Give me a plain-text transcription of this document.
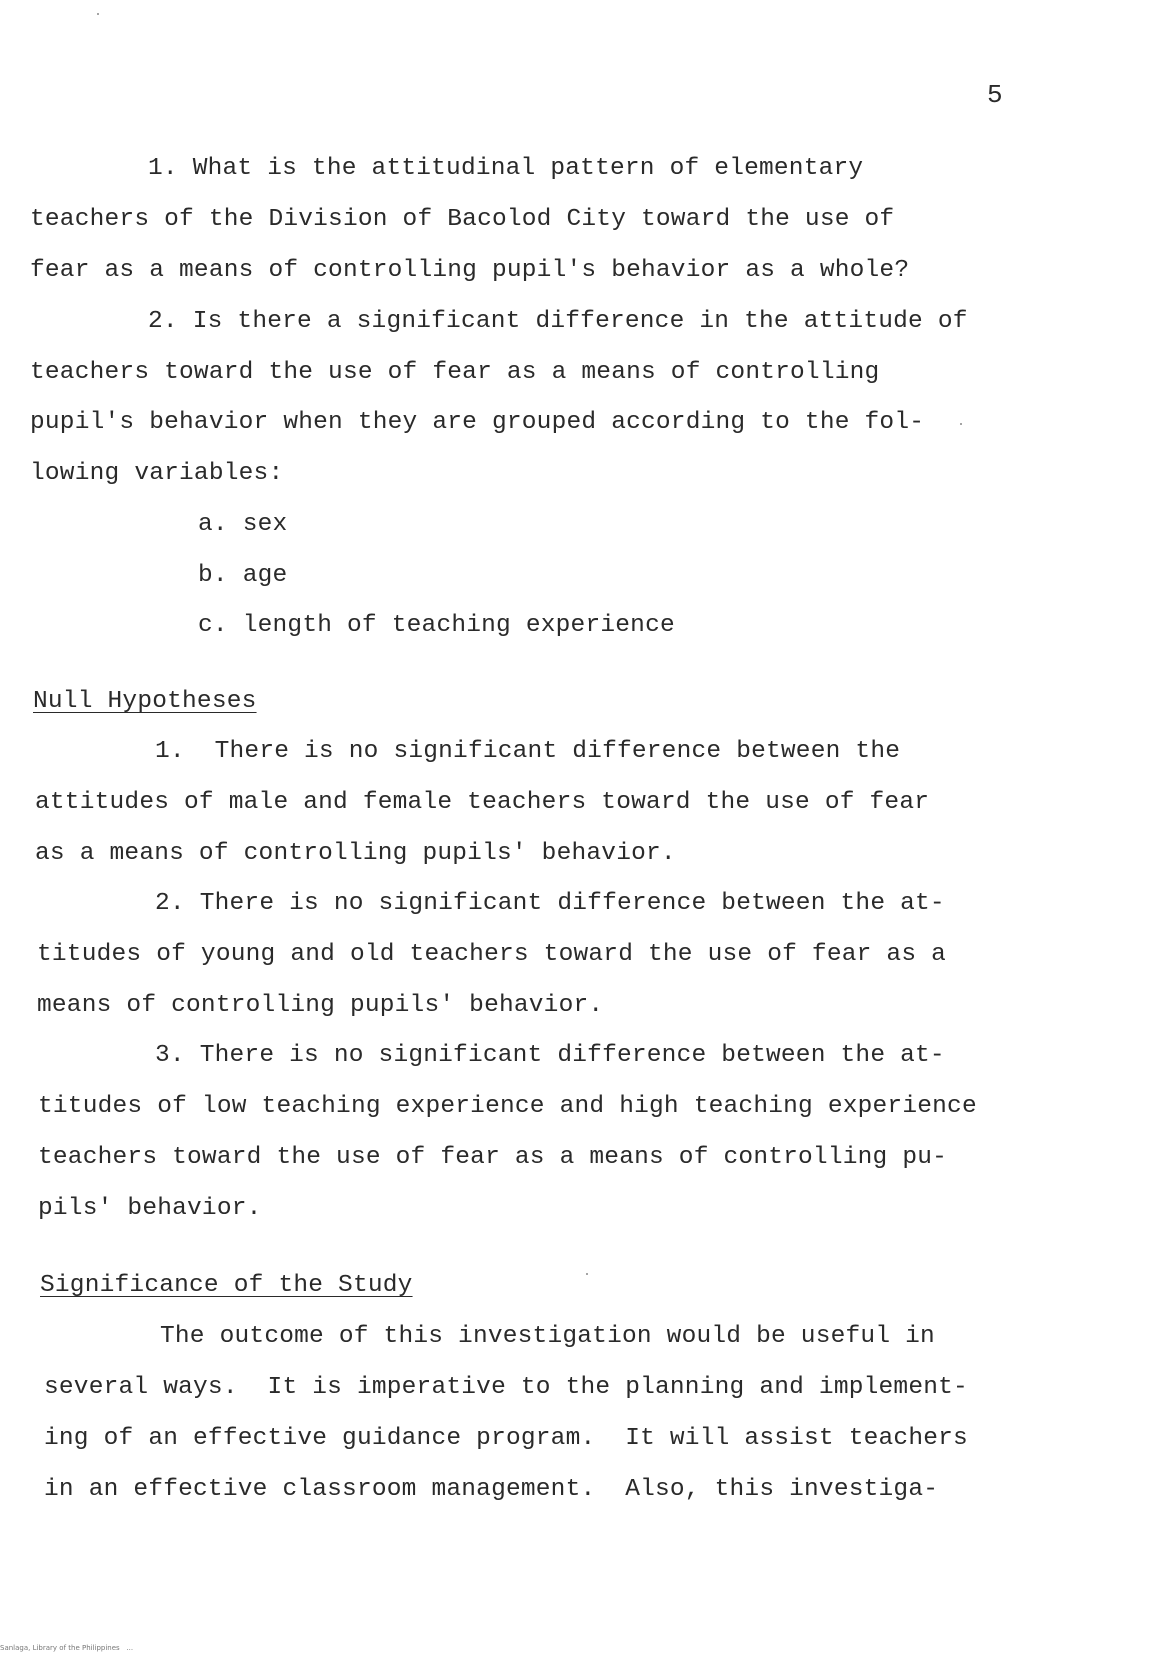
5
1. What is the attitudinal pattern of elementary
teachers of the Division of Bacolod City toward the use of
fear as a means of controlling pupil's behavior as a whole?
2. Is there a significant difference in the attitude of
teachers toward the use of fear as a means of controlling
pupil's behavior when they are grouped according to the fol-
lowing variables:
a. sex
b. age
c. length of teaching experience
Null Hypotheses
1.  There is no significant difference between the
attitudes of male and female teachers toward the use of fear
as a means of controlling pupils' behavior.
2. There is no significant difference between the at-
titudes of young and old teachers toward the use of fear as a
means of controlling pupils' behavior.
3. There is no significant difference between the at-
titudes of low teaching experience and high teaching experience
teachers toward the use of fear as a means of controlling pu-
pils' behavior.
Significance of the Study
The outcome of this investigation would be useful in
several ways.  It is imperative to the planning and implement-
ing of an effective guidance program.  It will assist teachers
in an effective classroom management.  Also, this investiga-
Sanlaga, Library of the Philippines   ...
